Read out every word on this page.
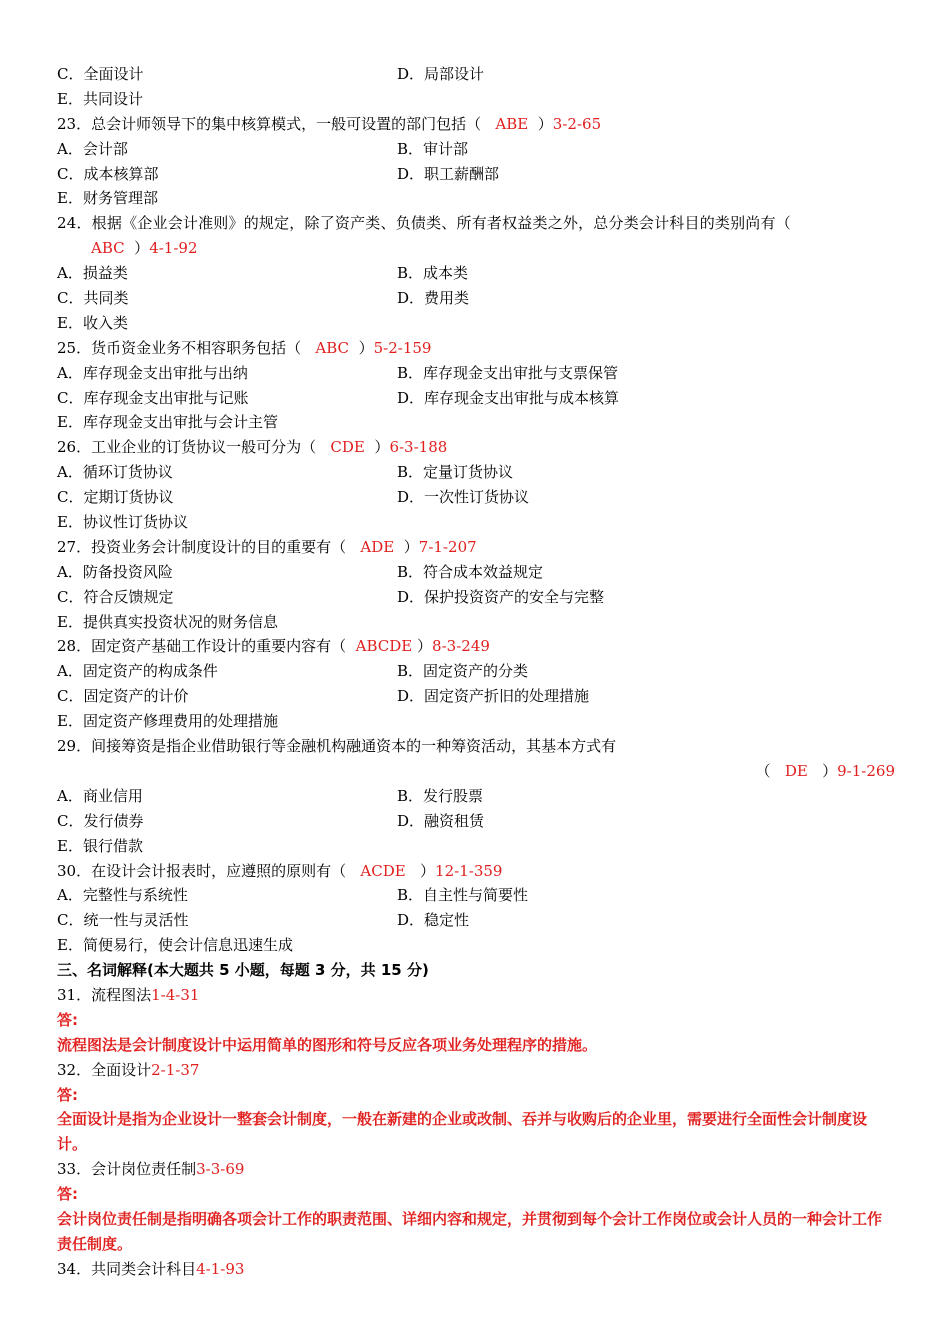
C．全面设计	D．局部设计
E．共同设计
23．总会计师领导下的集中核算模式，一般可设置的部门包括（ ABE ）3-2-65
A．会计部	B．审计部
C．成本核算部	D．职工薪酬部
E．财务管理部
24．根据《企业会计准则》的规定，除了资产类、负债类、所有者权益类之外，总分类会计科目的类别尚有（
ABC ）4-1-92
A．损益类	B．成本类
C．共同类	D．费用类
E．收入类
25．货币资金业务不相容职务包括（ ABC ）5-2-159
A．库存现金支出审批与出纳	B．库存现金支出审批与支票保管
C．库存现金支出审批与记账	D．库存现金支出审批与成本核算
E．库存现金支出审批与会计主管
26．工业企业的订货协议一般可分为（ CDE ）6-3-188
A．循环订货协议	B．定量订货协议
C．定期订货协议	D．一次性订货协议
E．协议性订货协议
27．投资业务会计制度设计的目的重要有（ ADE ）7-1-207
A．防备投资风险	B．符合成本效益规定
C．符合反馈规定	D．保护投资资产的安全与完整
E．提供真实投资状况的财务信息
28．固定资产基础工作设计的重要内容有（ ABCDE ）8-3-249
A．固定资产的构成条件	B．固定资产的分类
C．固定资产的计价	D．固定资产折旧的处理措施
E．固定资产修理费用的处理措施
29．间接筹资是指企业借助银行等金融机构融通资本的一种筹资活动，其基本方式有
（ DE ）9-1-269
A．商业信用	B．发行股票
C．发行债券	D．融资租赁
E．银行借款
30．在设计会计报表时，应遵照的原则有（ ACDE ）12-1-359
A．完整性与系统性	B．自主性与简要性
C．统一性与灵活性	D．稳定性
E．简便易行，使会计信息迅速生成
三、名词解释(本大题共 5 小题，每题 3 分，共 15 分)
31．流程图法1-4-31
答:
流程图法是会计制度设计中运用简单的图形和符号反应各项业务处理程序的措施。
32．全面设计2-1-37
答:
全面设计是指为企业设计一整套会计制度，一般在新建的企业或改制、吞并与收购后的企业里，需要进行全面性会计制度设计。
33．会计岗位责任制3-3-69
答:
会计岗位责任制是指明确各项会计工作的职责范围、详细内容和规定，并贯彻到每个会计工作岗位或会计人员的一种会计工作责任制度。
34．共同类会计科目4-1-93
